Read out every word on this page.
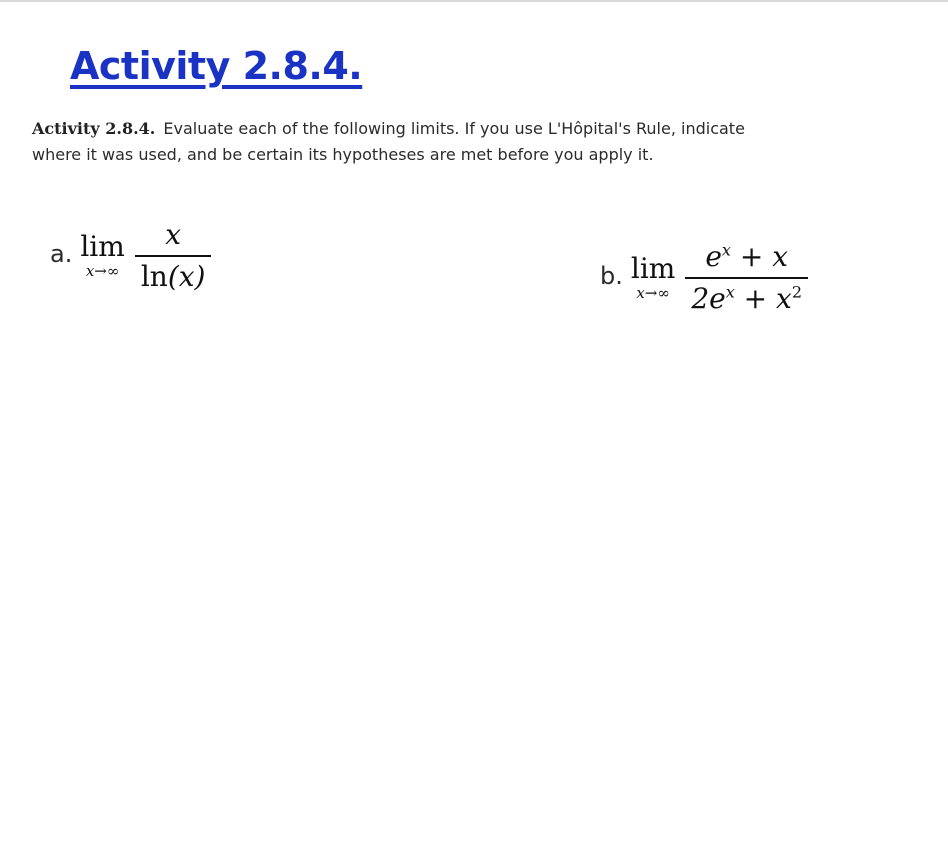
Activity 2.8.4.
Activity 2.8.4. Evaluate each of the following limits. If you use L'Hôpital's Rule, indicate where it was used, and be certain its hypotheses are met before you apply it.
a. lim
$x\to\infty \frac{x}{\ln(x)}$	b. lim
$x\to\infty \frac{e^x + x}{2e^x + x^2}$
